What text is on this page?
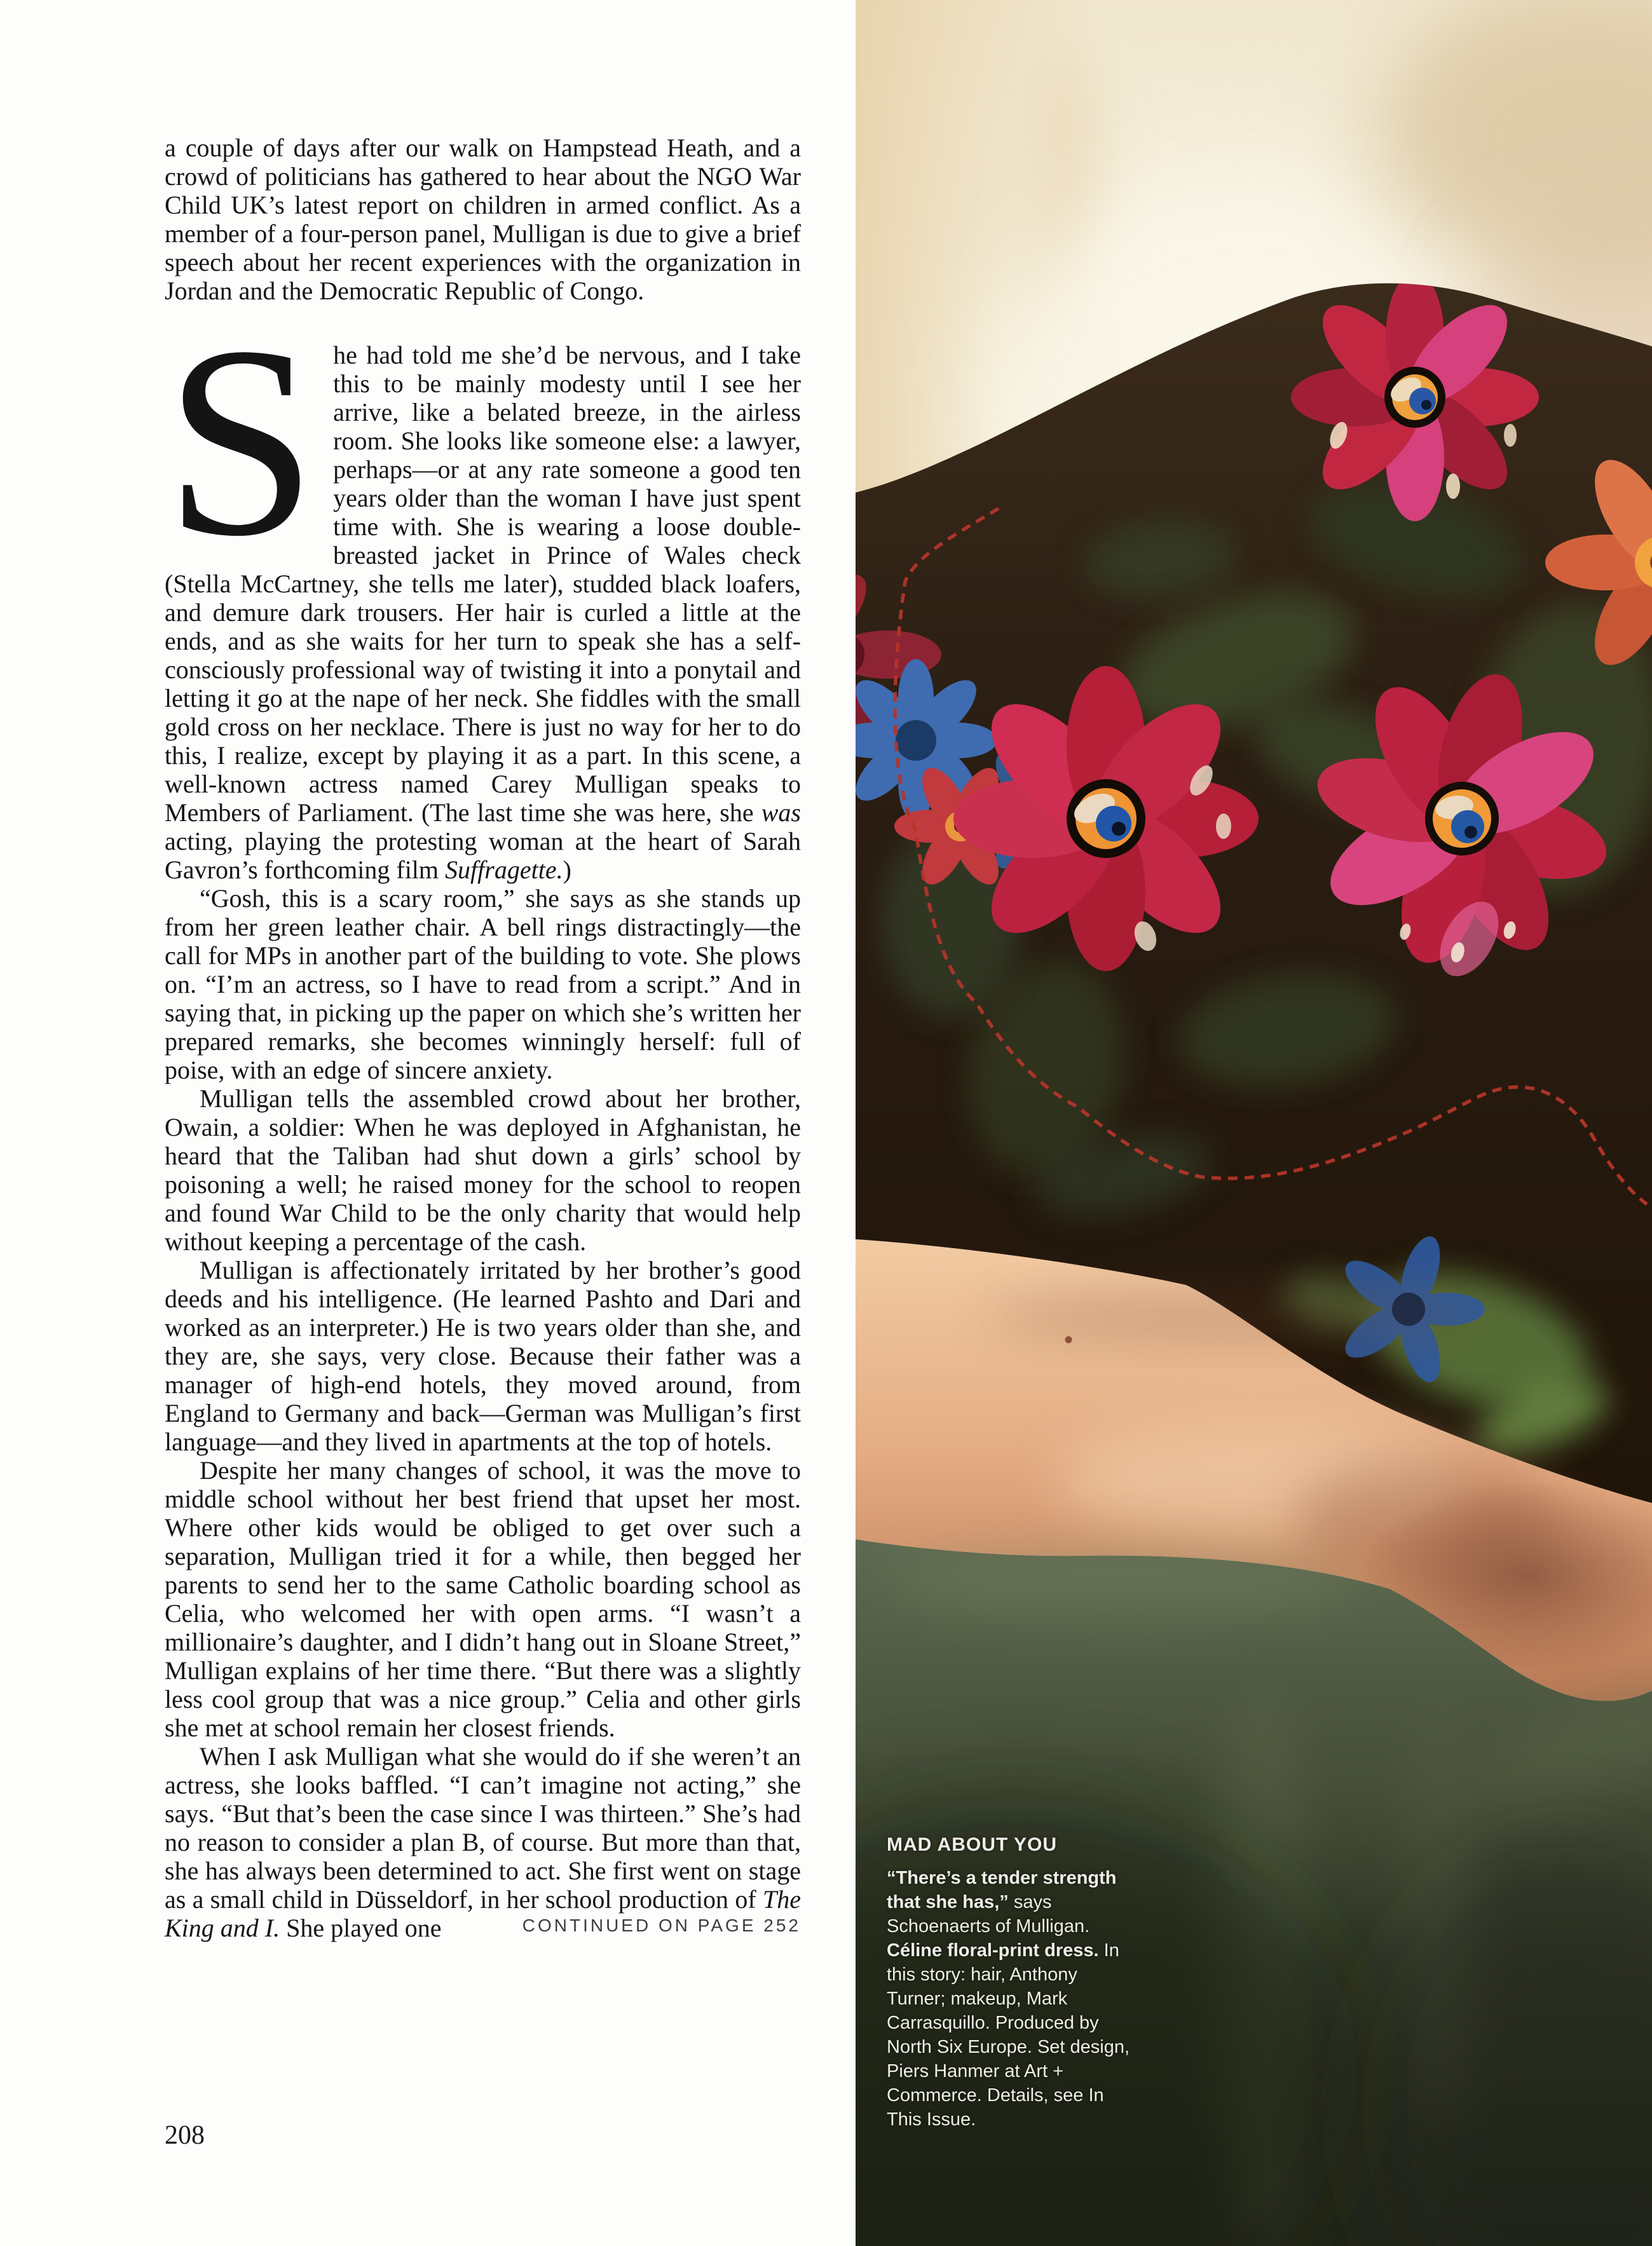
a couple of days after our walk on Hampstead Heath, and a crowd of politicians has gathered to hear about the NGO War Child UK’s latest report on children in armed conflict. As a member of a four-person panel, Mulligan is due to give a brief speech about her recent experiences with the organization in Jordan and the Democratic Republic of Congo.

She had told me she’d be nervous, and I take this to be mainly modesty until I see her arrive, like a belated breeze, in the airless room. She looks like someone else: a lawyer, perhaps—or at any rate someone a good ten years older than the woman I have just spent time with. She is wearing a loose double-breasted jacket in Prince of Wales check (Stella McCartney, she tells me later), studded black loafers, and demure dark trousers. Her hair is curled a little at the ends, and as she waits for her turn to speak she has a self-consciously professional way of twisting it into a ponytail and letting it go at the nape of her neck. She fiddles with the small gold cross on her necklace. There is just no way for her to do this, I realize, except by playing it as a part. In this scene, a well-known actress named Carey Mulligan speaks to Members of Parliament. (The last time she was here, she was acting, playing the protesting woman at the heart of Sarah Gavron’s forthcoming film Suffragette.)

“Gosh, this is a scary room,” she says as she stands up from her green leather chair. A bell rings distractingly—the call for MPs in another part of the building to vote. She plows on. “I’m an actress, so I have to read from a script.” And in saying that, in picking up the paper on which she’s written her prepared remarks, she becomes winningly herself: full of poise, with an edge of sincere anxiety.

Mulligan tells the assembled crowd about her brother, Owain, a soldier: When he was deployed in Afghanistan, he heard that the Taliban had shut down a girls’ school by poisoning a well; he raised money for the school to reopen and found War Child to be the only charity that would help without keeping a percentage of the cash.

Mulligan is affectionately irritated by her brother’s good deeds and his intelligence. (He learned Pashto and Dari and worked as an interpreter.) He is two years older than she, and they are, she says, very close. Because their father was a manager of high-end hotels, they moved around, from England to Germany and back—German was Mulligan’s first language—and they lived in apartments at the top of hotels.

Despite her many changes of school, it was the move to middle school without her best friend that upset her most. Where other kids would be obliged to get over such a separation, Mulligan tried it for a while, then begged her parents to send her to the same Catholic boarding school as Celia, who welcomed her with open arms. “I wasn’t a millionaire’s daughter, and I didn’t hang out in Sloane Street,” Mulligan explains of her time there. “But there was a slightly less cool group that was a nice group.” Celia and other girls she met at school remain her closest friends.

When I ask Mulligan what she would do if she weren’t an actress, she looks baffled. “I can’t imagine not acting,” she says. “But that’s been the case since I was thirteen.” She’s had no reason to consider a plan B, of course. But more than that, she has always been determined to act. She first went on stage as a small child in Düsseldorf, in her school production of The King and I. She played one	CONTINUED ON PAGE 252

208
MAD ABOUT YOU
“There’s a tender strength that she has,” says Schoenaerts of Mulligan. Céline floral-print dress. In this story: hair, Anthony Turner; makeup, Mark Carrasquillo. Produced by North Six Europe. Set design, Piers Hanmer at Art + Commerce. Details, see In This Issue.
